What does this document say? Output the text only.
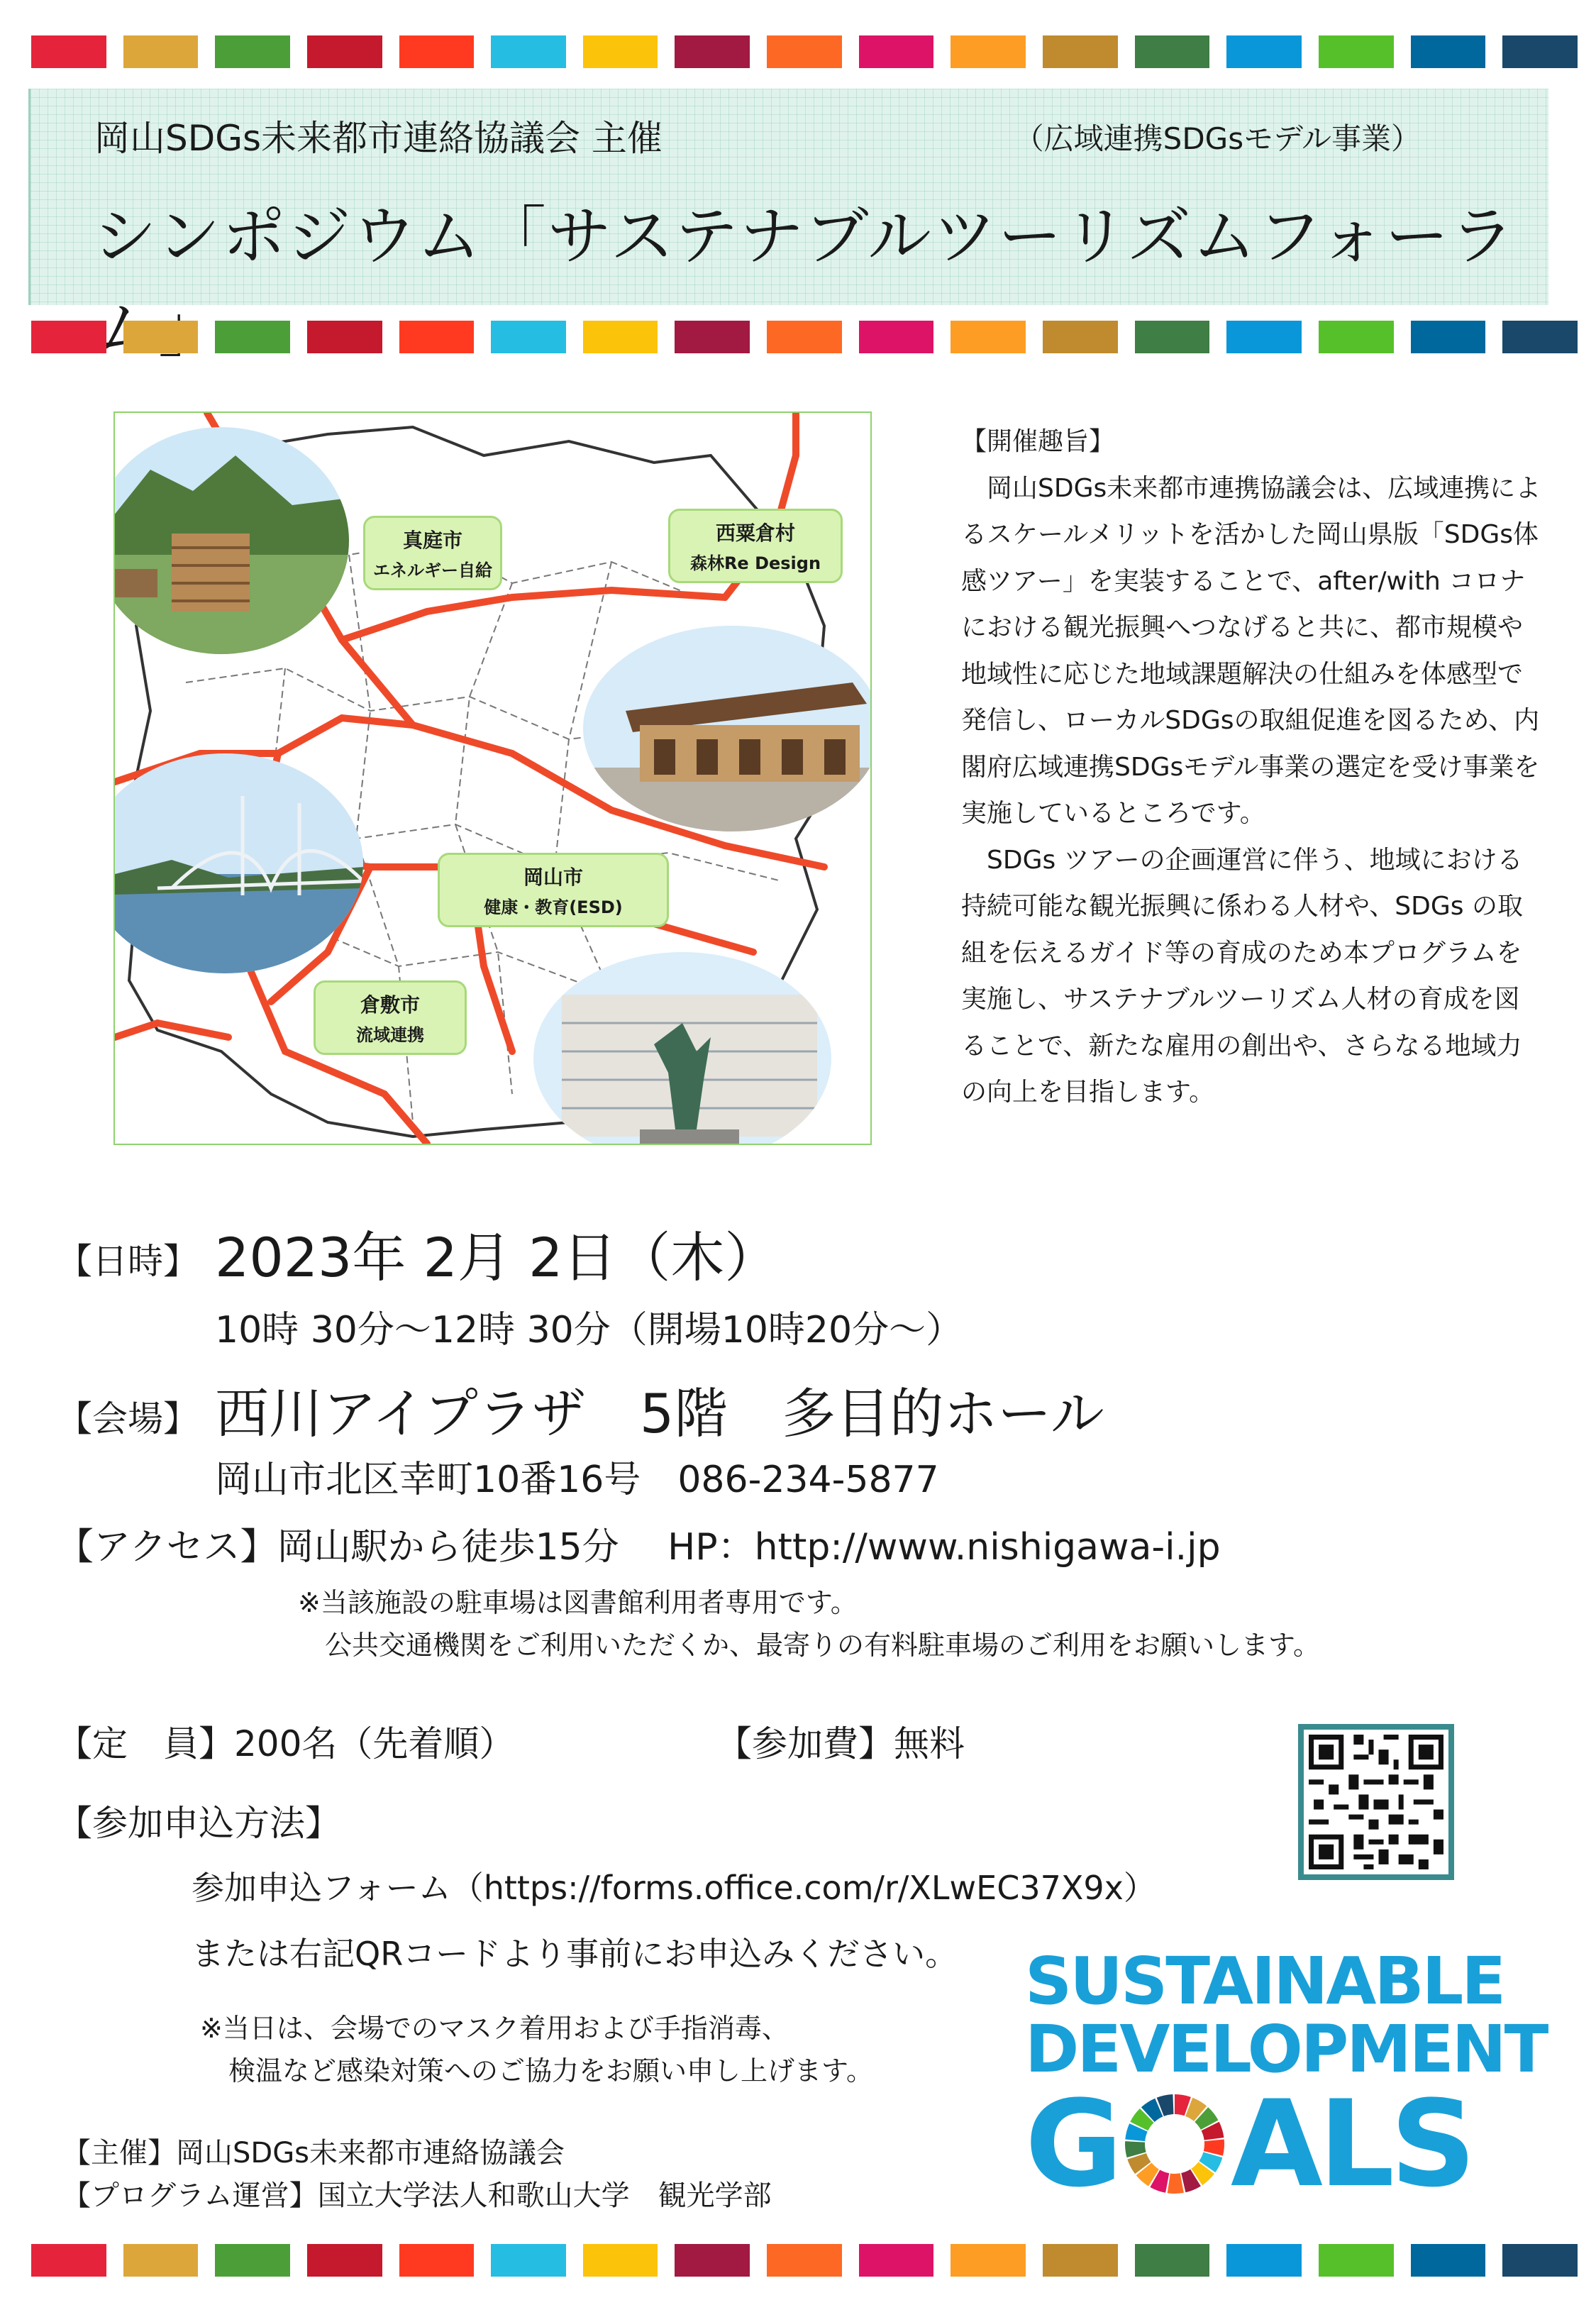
岡山SDGs未来都市連絡協議会 主催	（広域連携SDGsモデル事業）
シンポジウム「サステナブルツーリズムフォーラ
真庭市
エネルギー自給
西粟倉村
森林Re Design
岡山市
健康・教育(ESD)
倉敷市
流域連携

【開催趣旨】

岡山SDGs未来都市連携協議会は、広域連携によるスケールメリットを活かした岡山県版「SDGs体感ツアー」を実装することで、after/with コロナにおける観光振興へつなげると共に、都市規模や地域性に応じた地域課題解決の仕組みを体感型で発信し、ローカルSDGsの取組促進を図るため、内閣府広域連携SDGsモデル事業の選定を受け事業を実施しているところです。

SDGs ツアーの企画運営に伴う、地域における持続可能な観光振興に係わる人材や、SDGs の取組を伝えるガイド等の育成のため本プログラムを実施し、サステナブルツーリズム人材の育成を図ることで、新たな雇用の創出や、さらなる地域力の向上を目指します。

【日時】 2023年 2月 2日（木）
10時 30分～12時 30分（開場10時20分～）
【会場】 西川アイプラザ　5階　多目的ホール
岡山市北区幸町10番16号　086-234-5877
【アクセス】岡山駅から徒歩15分　 HP：http://www.nishigawa-i.jp
※当該施設の駐車場は図書館利用者専用です。
公共交通機関をご利用いただくか、最寄りの有料駐車場のご利用をお願いします。
【定　員】200名（先着順）	【参加費】無料
【参加申込方法】
参加申込フォーム（https://forms.office.com/r/XLwEC37X9x）
または右記QRコードより事前にお申込みください。
※当日は、会場でのマスク着用および手指消毒、
検温など感染対策へのご協力をお願い申し上げます。
SUSTAINABLE
DEVELOPMENT
G ALS
【主催】岡山SDGs未来都市連絡協議会
【プログラム運営】国立大学法人和歌山大学　観光学部
